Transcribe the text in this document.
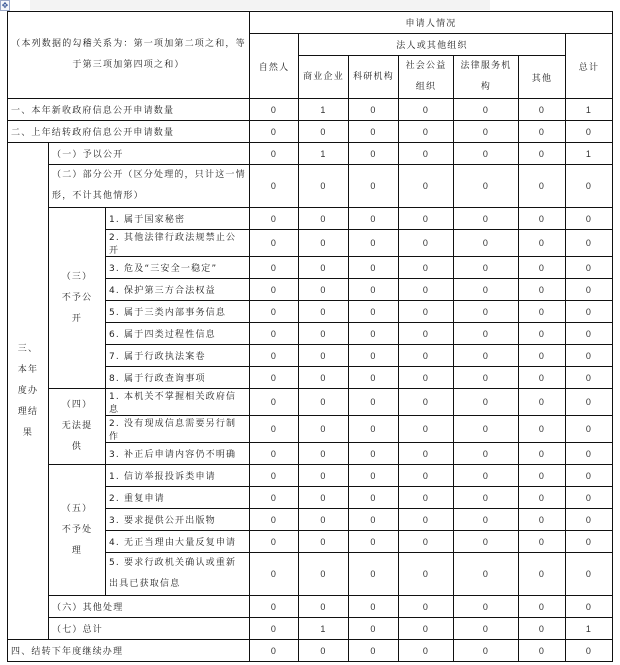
✥
（本列数据的勾稽关系为：第一项加第二项之和，等于第三项加第四项之和）			申请人情况						
			自然人	法人或其他组织					总计
				商业企业	科研机构	社会公益组织	法律服务机构	其他	
一、本年新收政府信息公开申请数量			0	1	0	0	0	0	1
二、上年结转政府信息公开申请数量			0	0	0	0	0	0	0
三、本年度办理结果	（一）予以公开		0	1	0	0	0	0	1
	（二）部分公开（区分处理的，只计这一情形，不计其他情形）		0	0	0	0	0	0	0
	（三）不予公开	1. 属于国家秘密	0	0	0	0	0	0	0
		2. 其他法律行政法规禁止公开	0	0	0	0	0	0	0
		3. 危及“三安全一稳定”	0	0	0	0	0	0	0
		4. 保护第三方合法权益	0	0	0	0	0	0	0
		5. 属于三类内部事务信息	0	0	0	0	0	0	0
		6. 属于四类过程性信息	0	0	0	0	0	0	0
		7. 属于行政执法案卷	0	0	0	0	0	0	0
		8. 属于行政查询事项	0	0	0	0	0	0	0
	（四）无法提供	1. 本机关不掌握相关政府信息	0	0	0	0	0	0	0
		2. 没有现成信息需要另行制作	0	0	0	0	0	0	0
		3. 补正后申请内容仍不明确	0	0	0	0	0	0	0
	（五）不予处理	1. 信访举报投诉类申请	0	0	0	0	0	0	0
		2. 重复申请	0	0	0	0	0	0	0
		3. 要求提供公开出版物	0	0	0	0	0	0	0
		4. 无正当理由大量反复申请	0	0	0	0	0	0	0
		5. 要求行政机关确认或重新出具已获取信息	0	0	0	0	0	0	0
	（六）其他处理		0	0	0	0	0	0	0
	（七）总计		0	1	0	0	0	0	1
四、结转下年度继续办理			0	0	0	0	0	0	0
